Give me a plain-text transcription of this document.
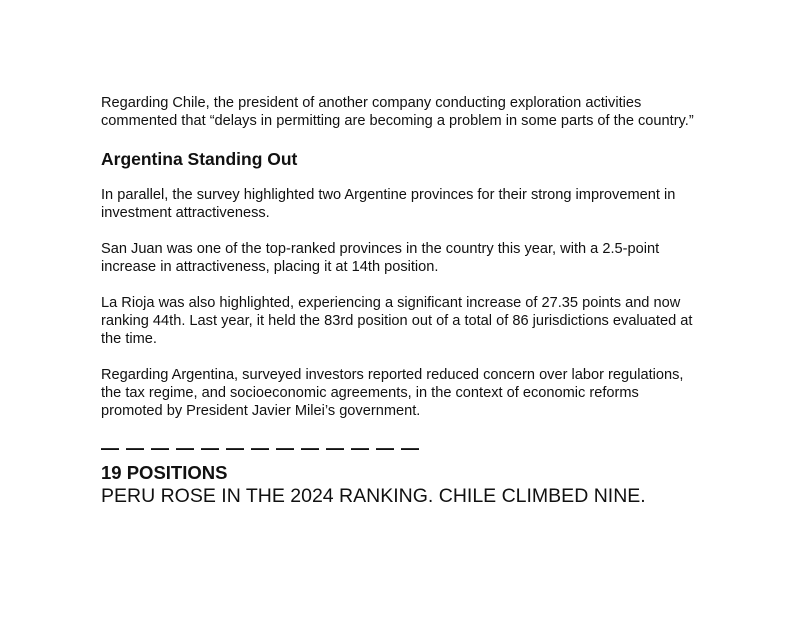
Regarding Chile, the president of another company conducting exploration activities commented that “delays in permitting are becoming a problem in some parts of the country.”

Argentina Standing Out

In parallel, the survey highlighted two Argentine provinces for their strong improvement in investment attractiveness.

San Juan was one of the top-ranked provinces in the country this year, with a 2.5-point increase in attractiveness, placing it at 14th position.

La Rioja was also highlighted, experiencing a significant increase of 27.35 points and now ranking 44th. Last year, it held the 83rd position out of a total of 86 jurisdictions evaluated at the time.

Regarding Argentina, surveyed investors reported reduced concern over labor regulations, the tax regime, and socioeconomic agreements, in the context of economic reforms promoted by President Javier Milei’s government.

— — — — — — — — — — — — —
19 POSITIONS
PERU ROSE IN THE 2024 RANKING. CHILE CLIMBED NINE.
